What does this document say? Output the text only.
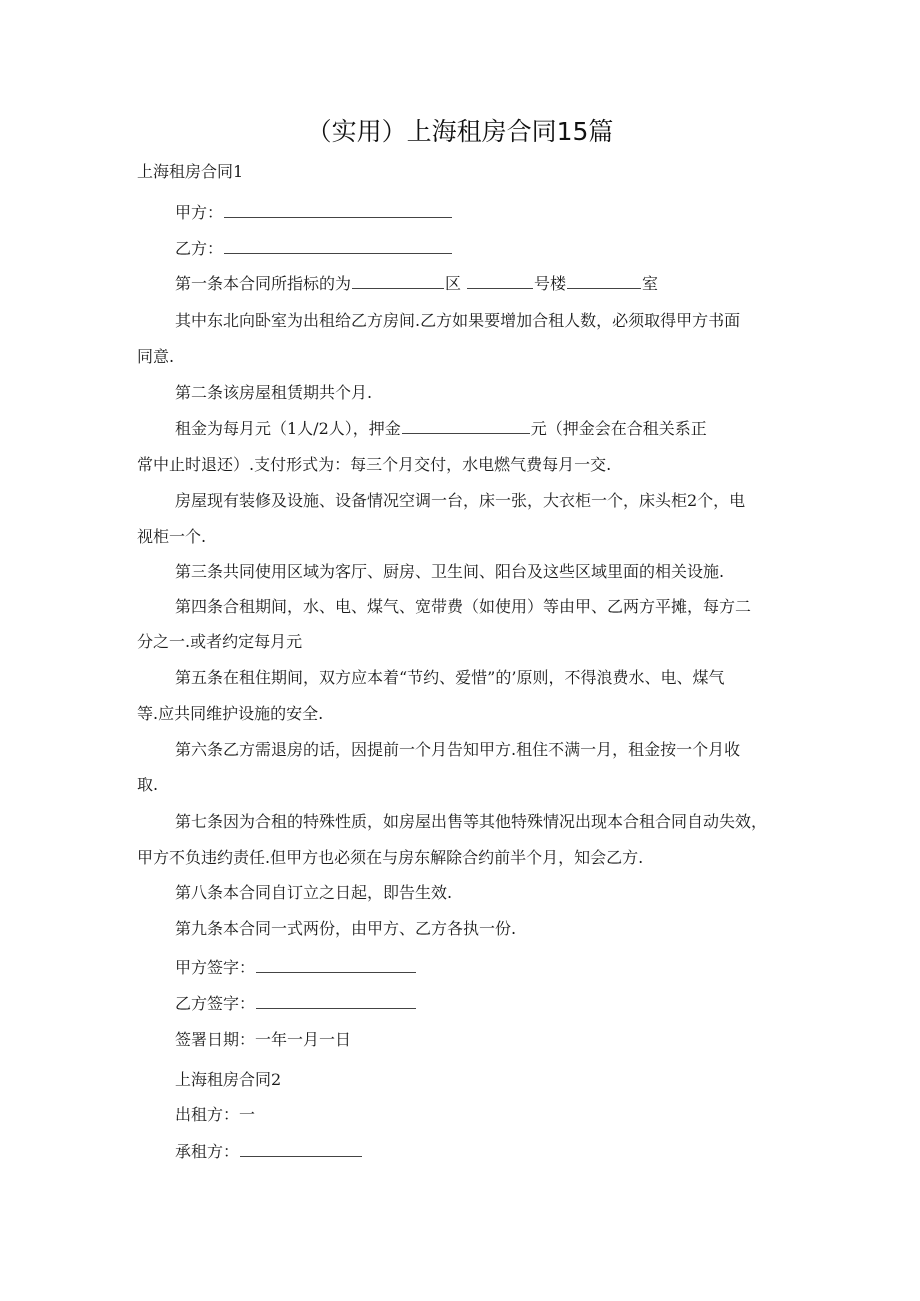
（实用）上海租房合同15篇
上海租房合同1
甲方：
乙方：
第一条本合同所指标的为	区	号楼	室
其中东北向卧室为出租给乙方房间.乙方如果要增加合租人数，必须取得甲方书面
同意.
第二条该房屋租赁期共个月.
租金为每月元（1人/2人），押金	元（押金会在合租关系正
常中止时退还）.支付形式为：每三个月交付，水电燃气费每月一交.
房屋现有装修及设施、设备情况空调一台，床一张，大衣柜一个，床头柜2个，电
视柜一个.
第三条共同使用区域为客厅、厨房、卫生间、阳台及这些区域里面的相关设施.
第四条合租期间，水、电、煤气、宽带费（如使用）等由甲、乙两方平摊，每方二
分之一.或者约定每月元
第五条在租住期间，双方应本着“节约、爱惜”的’原则，不得浪费水、电、煤气
等.应共同维护设施的安全.
第六条乙方需退房的话，因提前一个月告知甲方.租住不满一月，租金按一个月收
取.
第七条因为合租的特殊性质，如房屋出售等其他特殊情况出现本合租合同自动失效，
甲方不负违约责任.但甲方也必须在与房东解除合约前半个月，知会乙方.
第八条本合同自订立之日起，即告生效.
第九条本合同一式两份，由甲方、乙方各执一份.
甲方签字：
乙方签字：
签署日期：一年一月一日
上海租房合同2
出租方：一
承租方：
